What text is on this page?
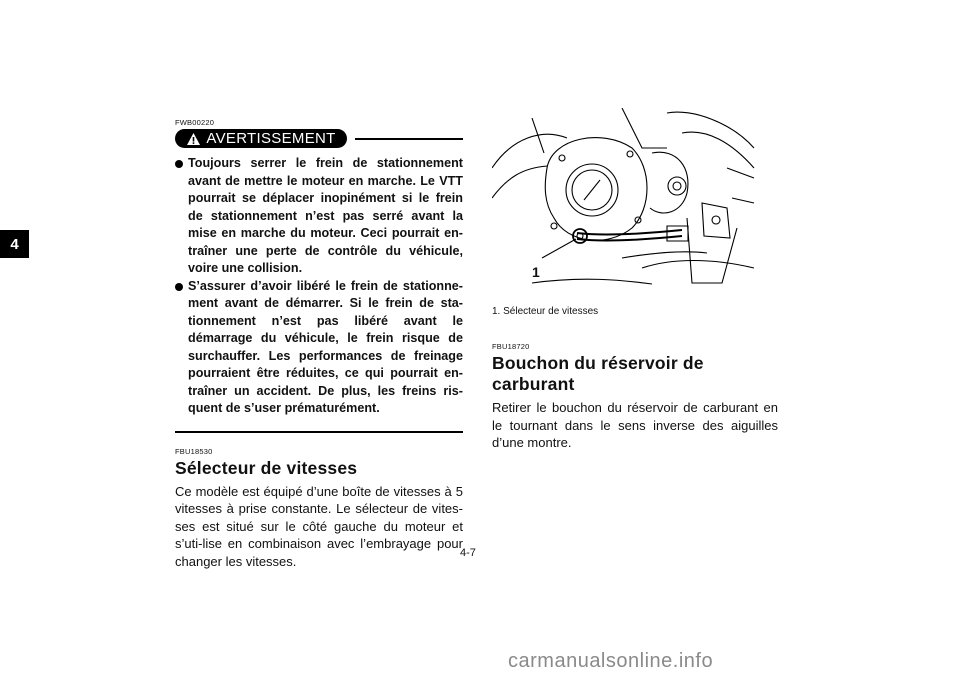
4

FWB00220

AVERTISSEMENT
Toujours serrer le frein de stationnement avant de mettre le moteur en marche. Le VTT pourrait se déplacer inopinément si le frein de stationnement n’est pas serré avant la mise en marche du moteur. Ceci pourrait en-traîner une perte de contrôle du véhicule, voire une collision.
S’assurer d’avoir libéré le frein de stationne-ment avant de démarrer. Si le frein de sta-tionnement n’est pas libéré avant le démarrage du véhicule, le frein risque de surchauffer. Les performances de freinage pourraient être réduites, ce qui pourrait en-traîner un accident. De plus, les freins ris-quent de s’user prématurément.

FBU18530

Sélecteur de vitesses

Ce modèle est équipé d’une boîte de vitesses à 5 vitesses à prise constante. Le sélecteur de vites-ses est situé sur le côté gauche du moteur et s’uti-lise en combinaison avec l’embrayage pour changer les vitesses.

1
1. Sélecteur de vitesses

FBU18720

Bouchon du réservoir de carburant

Retirer le bouchon du réservoir de carburant en le tournant dans le sens inverse des aiguilles d’une montre.

4-7
carmanualsonline.info
